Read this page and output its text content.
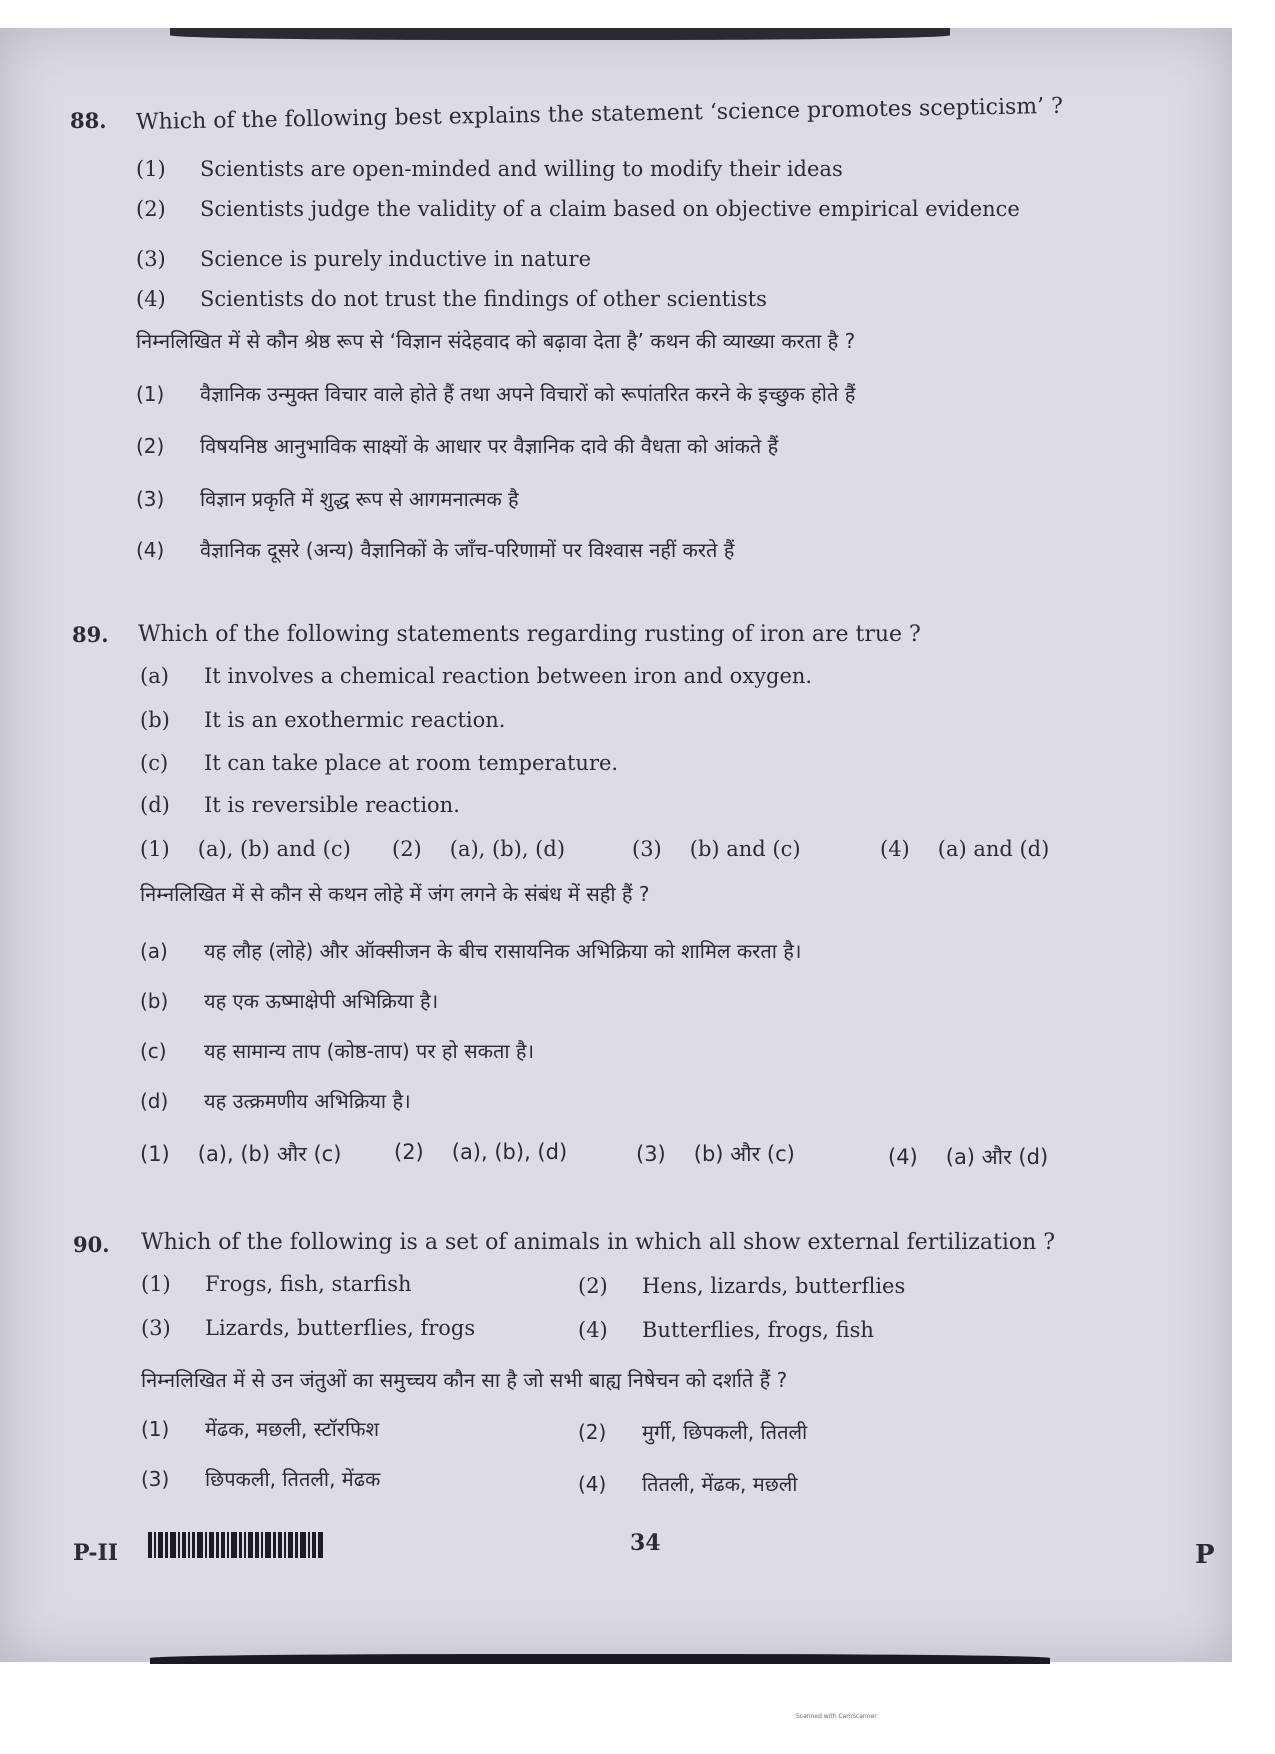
88. Which of the following best explains the statement ‘science promotes scepticism’ ?
(1) Scientists are open-minded and willing to modify their ideas
(2) Scientists judge the validity of a claim based on objective empirical evidence
(3) Science is purely inductive in nature
(4) Scientists do not trust the findings of other scientists
निम्नलिखित में से कौन श्रेष्ठ रूप से ‘विज्ञान संदेहवाद को बढ़ावा देता है’ कथन की व्याख्या करता है ?
(1) वैज्ञानिक उन्मुक्त विचार वाले होते हैं तथा अपने विचारों को रूपांतरित करने के इच्छुक होते हैं
(2) विषयनिष्ठ आनुभाविक साक्ष्यों के आधार पर वैज्ञानिक दावे की वैधता को आंकते हैं
(3) विज्ञान प्रकृति में शुद्ध रूप से आगमनात्मक है
(4) वैज्ञानिक दूसरे (अन्य) वैज्ञानिकों के जाँच-परिणामों पर विश्वास नहीं करते हैं
89. Which of the following statements regarding rusting of iron are true ?
(a) It involves a chemical reaction between iron and oxygen.
(b) It is an exothermic reaction.
(c) It can take place at room temperature.
(d) It is reversible reaction.
(1) (a), (b) and (c) (2) (a), (b), (d)	(3) (b) and (c)	(4) (a) and (d)
निम्नलिखित में से कौन से कथन लोहे में जंग लगने के संबंध में सही हैं ?
(a) यह लौह (लोहे) और ऑक्सीजन के बीच रासायनिक अभिक्रिया को शामिल करता है।
(b) यह एक ऊष्माक्षेपी अभिक्रिया है।
(c) यह सामान्य ताप (कोष्ठ-ताप) पर हो सकता है।
(d) यह उत्क्रमणीय अभिक्रिया है।
(1) (a), (b) और (c)	(2) (a), (b), (d)	(3) (b) और (c)	(4) (a) और (d)
90. Which of the following is a set of animals in which all show external fertilization ?
(1) Frogs, fish, starfish	(2) Hens, lizards, butterflies
(3) Lizards, butterflies, frogs	(4) Butterflies, frogs, fish
निम्नलिखित में से उन जंतुओं का समुच्चय कौन सा है जो सभी बाह्य निषेचन को दर्शाते हैं ?
(1) मेंढक, मछली, स्टॉरफिश	(2) मुर्गी, छिपकली, तितली
(3) छिपकली, तितली, मेंढक	(4) तितली, मेंढक, मछली
P-II	34	P
Scanned with CamScanner
